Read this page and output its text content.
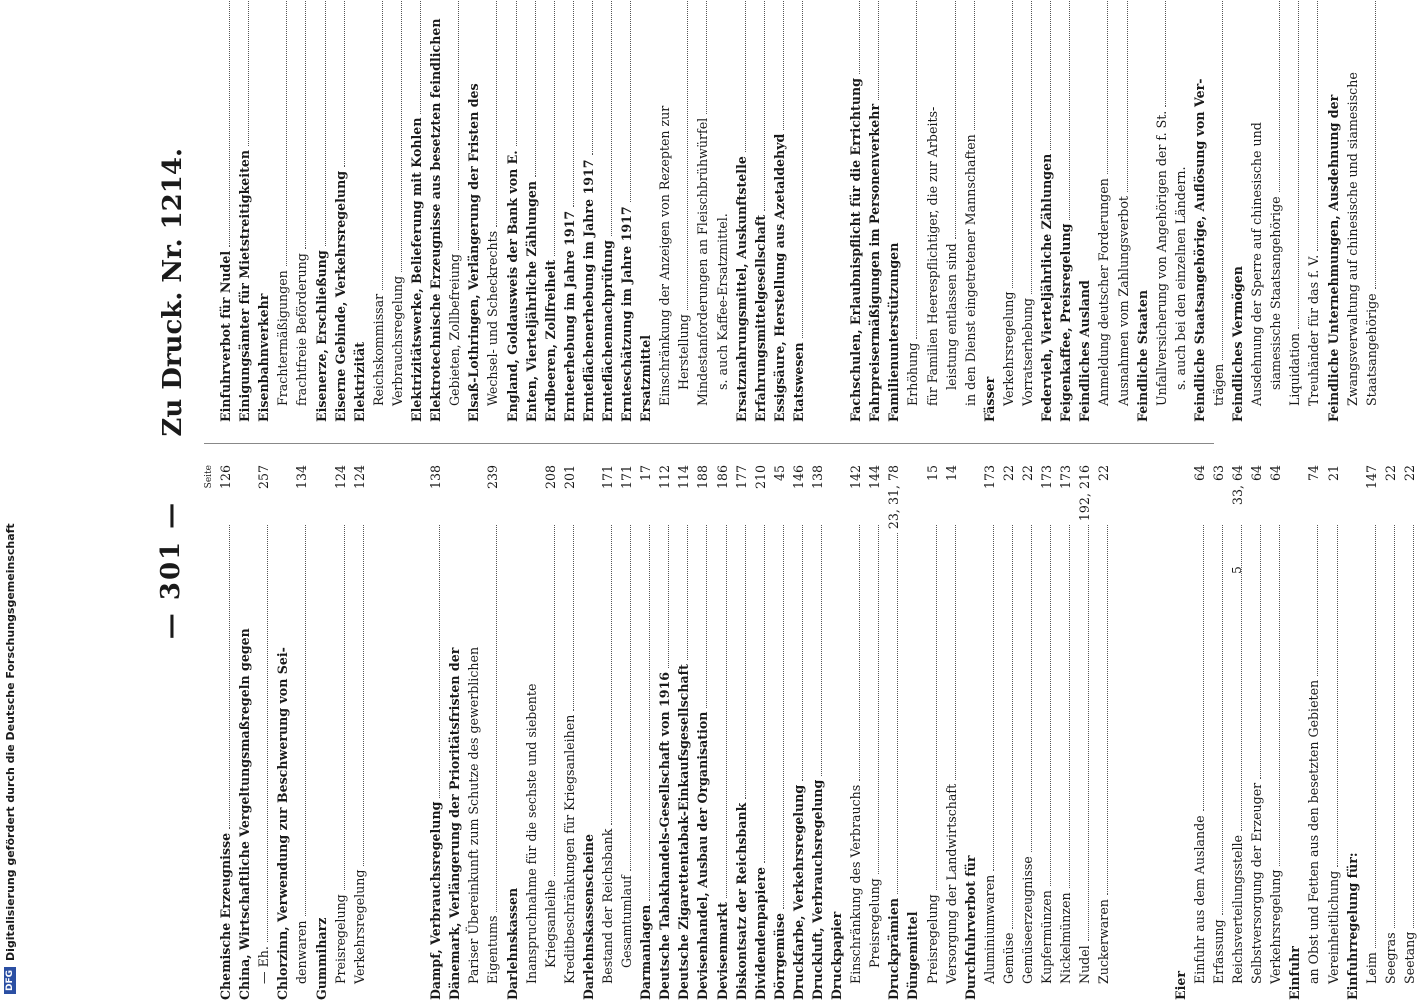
— 301 —
Zu Druck. Nr. 1214.
Seite
Chemische Erzeugnisse
126
China, Wirtschaftliche Vergeltungsmaßregeln gegen — Eh.
257
Chlorzinn, Verwendung zur Beschwerung von Sei- denwaren
134
Gummiharz Preisregelung
124
Verkehrsregelung
124
Dampf, Verbrauchsregelung
138
Dänemark, Verlängerung der Prioritätsfristen der Pariser Übereinkunft zum Schutze des gewerblichen Eigentums
239
Darlehnskassen Inanspruchnahme für die sechste und siebente Kriegsanleihe
208
Kreditbeschränkungen für Kriegsanleihen
201
Darlehnskassenscheine Bestand der Reichsbank
171
Gesamtumlauf
171
Darmanlagen
17
Deutsche Tabakhandels-Gesellschaft von 1916
112
Deutsche Zigarettentabak-Einkaufsgesellschaft
114
Devisenhandel, Ausbau der Organisation
188
Devisenmarkt
186
Diskontsatz der Reichsbank
177
Dividendenpapiere
210
Dörrgemüse
45
Druckfarbe, Verkehrsregelung
146
Druckluft, Verbrauchsregelung
138
Druckpapier Einschränkung des Verbrauchs
142
Preisregelung
144
Druckprämien
23, 31, 78
Düngemittel Preisregelung
15
Versorgung der Landwirtschaft
14
Durchfuhrverbot für Aluminiumwaren
173
Gemüse
22
Gemüseerzeugnisse
22
Kupfermünzen
173
Nickelmünzen
173
Nudel
192, 216
Zuckerwaren
22
Eier
Einfuhr aus dem Auslande
64
Erfassung
63
Reichsverteilungsstelle
33, 64
Selbstversorgung der Erzeuger
64
Verkehrsregelung
64
Einfuhr an Obst und Fetten aus den besetzten Gebieten
74
Vereinheitlichung
21
Einfuhrregelung für: Leim
147
Seegras
22
Seetang
22
Einfuhrverbot für Nudel Einigungsämter für Mietstreitigkeiten Eisenbahnverkehr Frachtermäßigungen frachtfreie Beförderung Eisenerze, Erschließung Eiserne Gebinde, Verkehrsregelung Elektrizität Reichskommissar Verbrauchsregelung Elektrizitätswerke, Belieferung mit Kohlen Elektrotechnische Erzeugnisse aus besetzten feindlichen Gebieten, Zollbefreiung Elsaß-Lothringen, Verlängerung der Fristen des Wechsel- und Scheckrechts England, Goldausweis der Bank von E. Enten, Vierteljährliche Zählungen Erdbeeren, Zollfreiheit Ernteerhebung im Jahre 1917 Ernteflächenerhebung im Jahre 1917 Ernteflächennachprüfung Ernteschätzung im Jahre 1917 Ersatzmittel Einschränkung der Anzeigen von Rezepten zur Herstellung Mindestanforderungen an Fleischbrühwürfel s. auch Kaffee-Ersatzmittel. Ersatznahrungsmittel, Auskunftstelle Erfahrungsmittelgesellschaft Essigsäure, Herstellung aus Azetaldehyd Etatswesen	Fachschulen, Erlaubnispflicht für die Errichtung Fahrpreisermäßigungen im Personenverkehr Familienunterstützungen Erhöhung für Familien Heerespflichtiger, die zur Arbeits- leistung entlassen sind in den Dienst eingetretener Mannschaften Fässer Verkehrsregelung Vorratserhebung Federvieh, Vierteljährliche Zählungen Feigenkaffee, Preisregelung Feindliches Ausland Anmeldung deutscher Forderungen Ausnahmen vom Zahlungsverbot Feindliche Staaten Unfallversicherung von Angehörigen der f. St. s. auch bei den einzelnen Ländern. Feindliche Staatsangehörige, Auflösung von Ver- trägen Feindliches Vermögen Ausdehnung der Sperre auf chinesische und siamesische Staatsangehörige Liquidation Treuhänder für das f. V. Feindliche Unternehmungen, Ausdehnung der Zwangsverwaltung auf chinesische und siamesische Staatsangehörige
5
DFG
Digitalisierung gefördert durch die Deutsche Forschungsgemeinschaft
